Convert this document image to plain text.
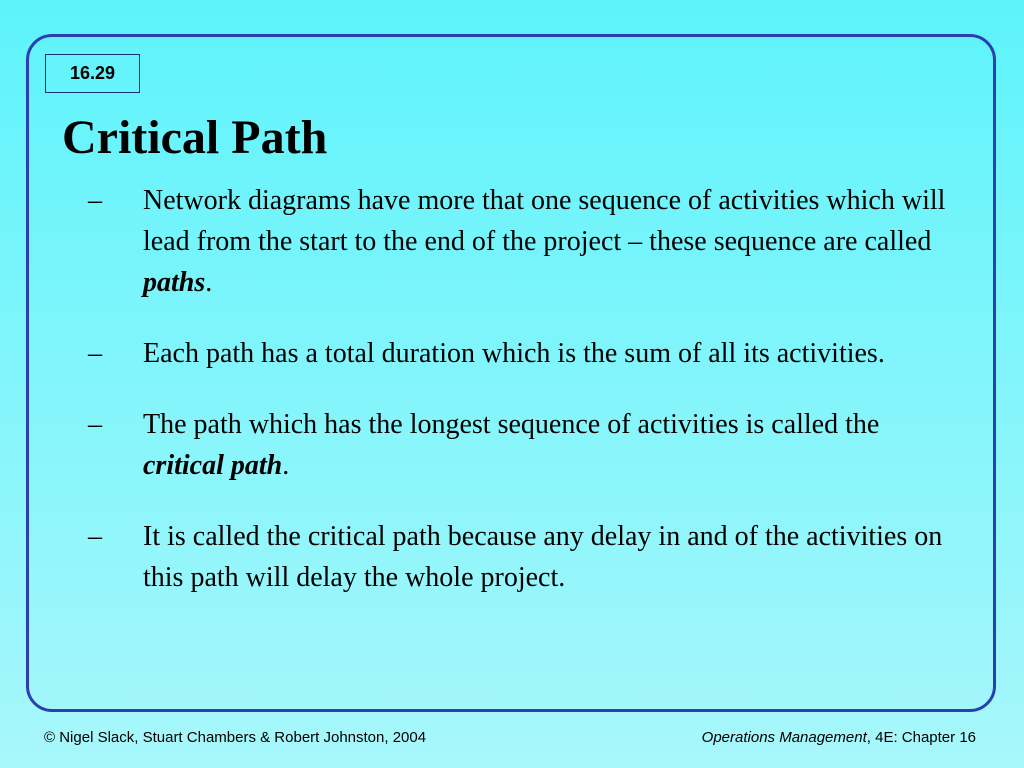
16.29
Critical Path
– Network diagrams have more that one sequence of activities which will lead from the start to the end of the project – these sequence are called paths.
– Each path has a total duration which is the sum of all its activities.
– The path which has the longest sequence of activities is called the critical path.
– It is called the critical path because any delay in and of the activities on this path will delay the whole project.
© Nigel Slack, Stuart Chambers & Robert Johnston, 2004	Operations Management, 4E: Chapter 16
